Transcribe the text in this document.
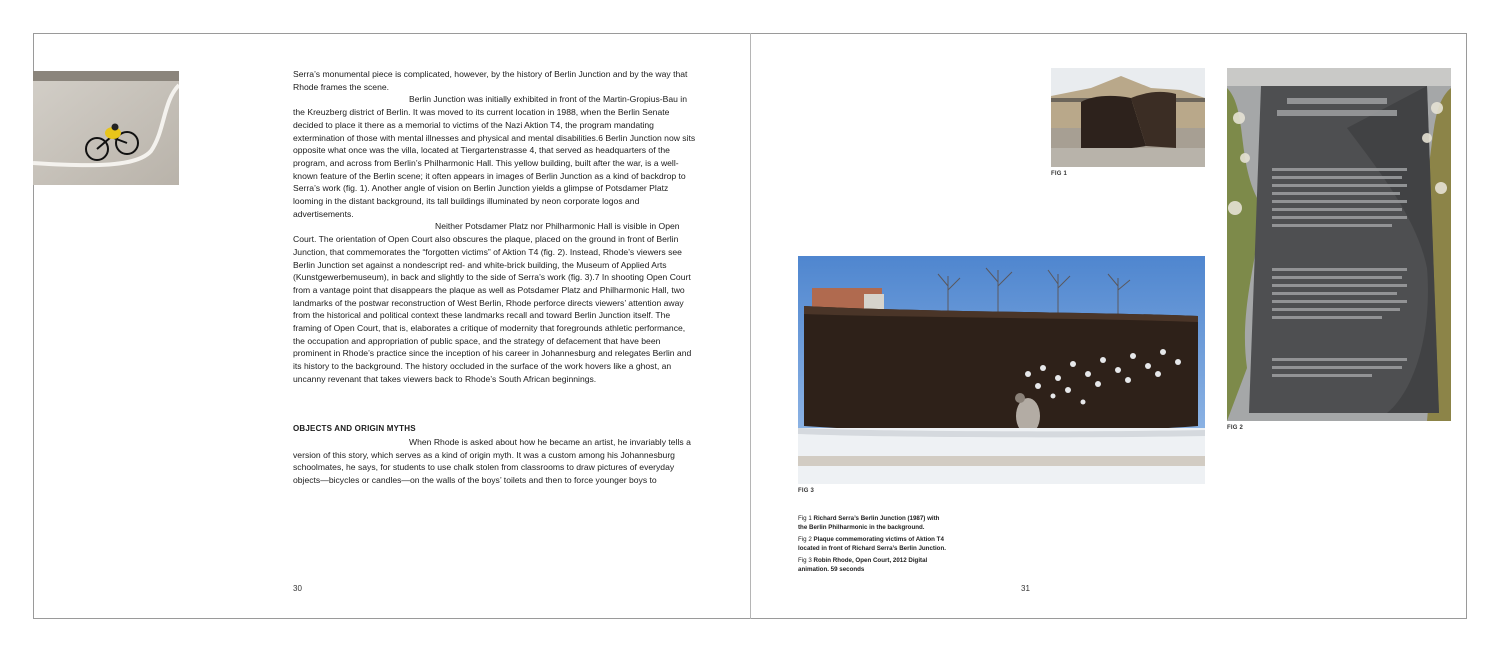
Serra’s monumental piece is complicated, however, by the history of Berlin Junction and by the way that Rhode frames the scene.

Berlin Junction was initially exhibited in front of the Martin-Gropius-Bau in the Kreuzberg district of Berlin. It was moved to its current location in 1988, when the Berlin Senate decided to place it there as a memorial to victims of the Nazi Aktion T4, the program mandating extermination of those with mental illnesses and physical and mental disabilities.6 Berlin Junction now sits opposite what once was the villa, located at Tiergartenstrasse 4, that served as headquarters of the program, and across from Berlin’s Philharmonic Hall. This yellow building, built after the war, is a well-known feature of the Berlin scene; it often appears in images of Berlin Junction as a kind of backdrop to Serra’s work (fig. 1). Another angle of vision on Berlin Junction yields a glimpse of Potsdamer Platz looming in the distant background, its tall buildings illuminated by neon corporate logos and advertisements.

Neither Potsdamer Platz nor Philharmonic Hall is visible in Open Court. The orientation of Open Court also obscures the plaque, placed on the ground in front of Berlin Junction, that commemorates the “forgotten victims” of Aktion T4 (fig. 2). Instead, Rhode’s viewers see Berlin Junction set against a nondescript red- and white-brick building, the Museum of Applied Arts (Kunstgewerbemuseum), in back and slightly to the side of Serra’s work (fig. 3).7 In shooting Open Court from a vantage point that disappears the plaque as well as Potsdamer Platz and Philharmonic Hall, two landmarks of the postwar reconstruction of West Berlin, Rhode perforce directs viewers’ attention away from the historical and political context these landmarks recall and toward Berlin Junction itself. The framing of Open Court, that is, elaborates a critique of modernity that foregrounds athletic performance, the occupation and appropriation of public space, and the strategy of defacement that have been prominent in Rhode’s practice since the inception of his career in Johannesburg and relegates Berlin and its history to the background. The history occluded in the surface of the work hovers like a ghost, an uncanny revenant that takes viewers back to Rhode’s South African beginnings.

OBJECTS AND ORIGIN MYTHS

When Rhode is asked about how he became an artist, he invariably tells a version of this story, which serves as a kind of origin myth. It was a custom among his Johannesburg schoolmates, he says, for students to use chalk stolen from classrooms to draw pictures of everyday objects—bicycles or candles—on the walls of the boys’ toilets and then to force younger boys to

30
FIG 1
FIG 2
FIG 3

Fig 1 Richard Serra’s Berlin Junction (1987) with the Berlin Philharmonic in the background.

Fig 2 Plaque commemorating victims of Aktion T4 located in front of Richard Serra’s Berlin Junction.

Fig 3 Robin Rhode, Open Court, 2012 Digital animation. 59 seconds

31
